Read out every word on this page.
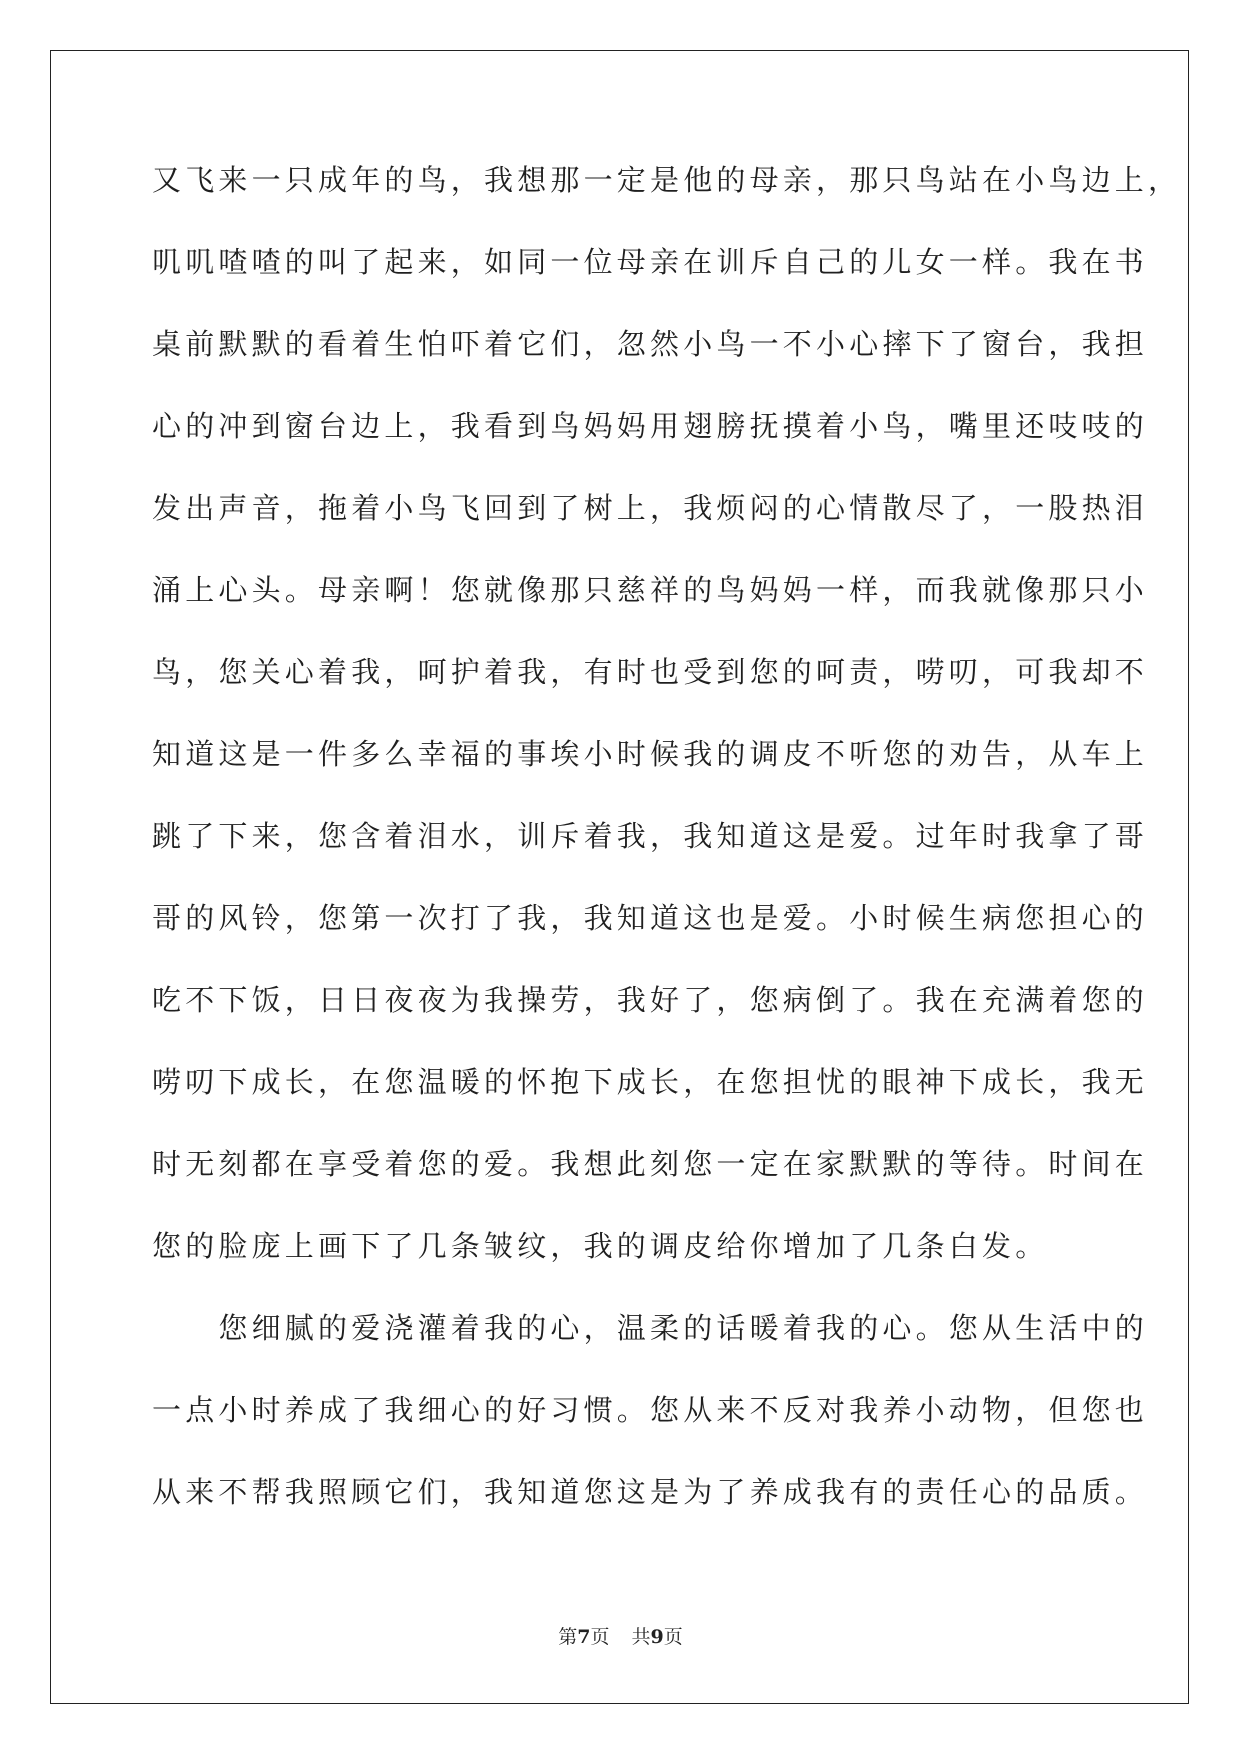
又飞来一只成年的鸟，我想那一定是他的母亲，那只鸟站在小鸟边上，
叽叽喳喳的叫了起来，如同一位母亲在训斥自己的儿女一样。我在书
桌前默默的看着生怕吓着它们，忽然小鸟一不小心摔下了窗台，我担
心的冲到窗台边上，我看到鸟妈妈用翅膀抚摸着小鸟，嘴里还吱吱的
发出声音，拖着小鸟飞回到了树上，我烦闷的心情散尽了，一股热泪
涌上心头。母亲啊！您就像那只慈祥的鸟妈妈一样，而我就像那只小
鸟，您关心着我，呵护着我，有时也受到您的呵责，唠叨，可我却不
知道这是一件多么幸福的事埃小时候我的调皮不听您的劝告，从车上
跳了下来，您含着泪水，训斥着我，我知道这是爱。过年时我拿了哥
哥的风铃，您第一次打了我，我知道这也是爱。小时候生病您担心的
吃不下饭，日日夜夜为我操劳，我好了，您病倒了。我在充满着您的
唠叨下成长，在您温暖的怀抱下成长，在您担忧的眼神下成长，我无
时无刻都在享受着您的爱。我想此刻您一定在家默默的等待。时间在
您的脸庞上画下了几条皱纹，我的调皮给你增加了几条白发。
　　您细腻的爱浇灌着我的心，温柔的话暖着我的心。您从生活中的
一点小时养成了我细心的好习惯。您从来不反对我养小动物，但您也
从来不帮我照顾它们，我知道您这是为了养成我有的责任心的品质。
第7页 共9页
